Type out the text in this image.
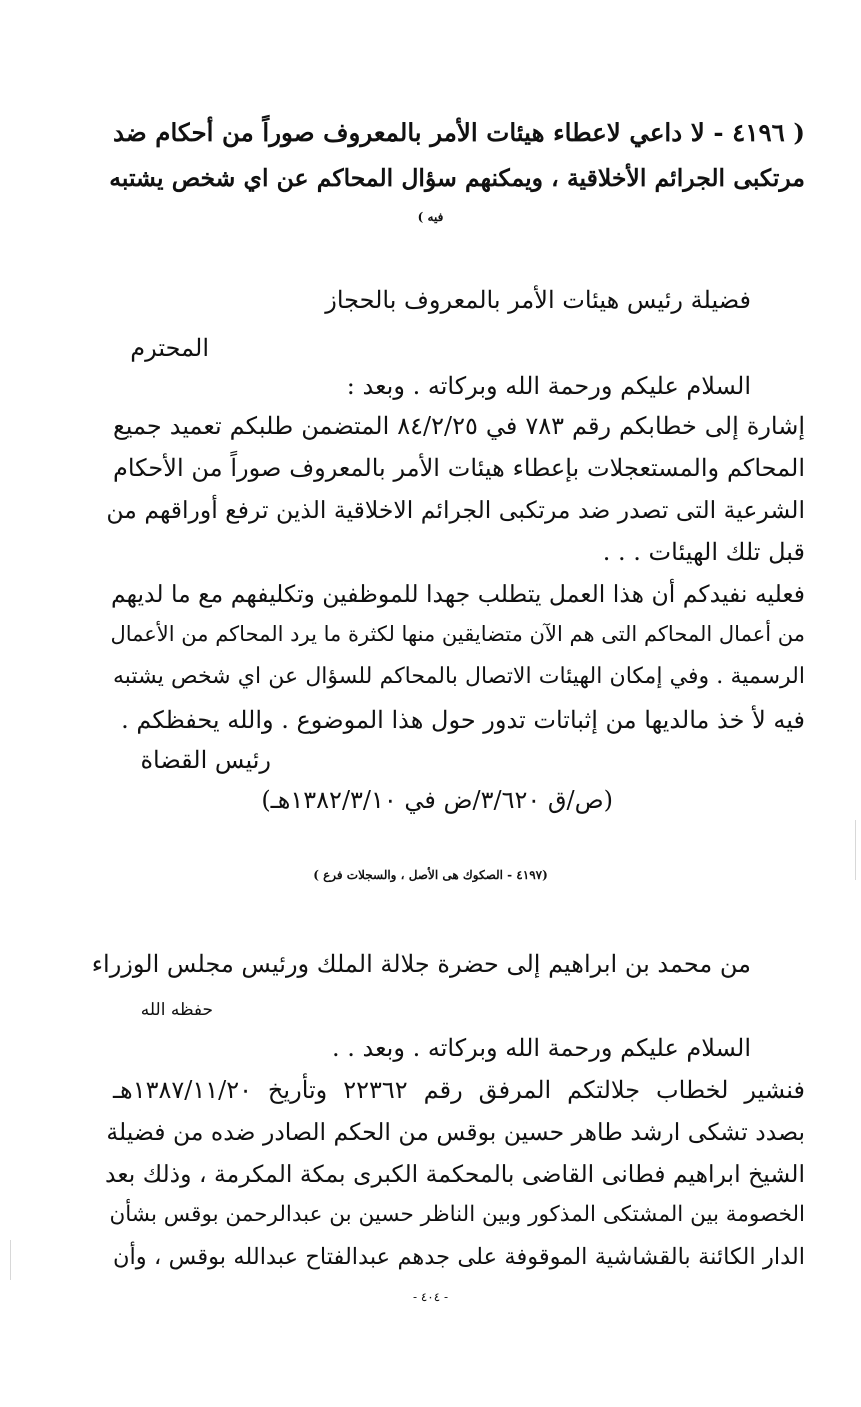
( ٤١٩٦ - لا داعي لاعطاء هيئات الأمر بالمعروف صوراً من أحكام ضد
مرتكبى الجرائم الأخلاقية ، ويمكنهم سؤال المحاكم عن اي شخص يشتبه
فيه )
فضيلة رئيس هيئات الأمر بالمعروف بالحجاز
المحترم
السلام عليكم ورحمة الله وبركاته . وبعد :
إشارة إلى خطابكم رقم ٧٨٣ في ٨٤/٢/٢٥ المتضمن طلبكم تعميد جميع
المحاكم والمستعجلات بإعطاء هيئات الأمر بالمعروف صوراً من الأحكام
الشرعية التى تصدر ضد مرتكبى الجرائم الاخلاقية الذين ترفع أوراقهم من
قبل تلك الهيئات . . .
فعليه نفيدكم أن هذا العمل يتطلب جهدا للموظفين وتكليفهم مع ما لديهم
من أعمال المحاكم التى هم الآن متضايقين منها لكثرة ما يرد المحاكم من الأعمال
الرسمية . وفي إمكان الهيئات الاتصال بالمحاكم للسؤال عن اي شخص يشتبه
فيه لأ خذ مالديها من إثباتات تدور حول هذا الموضوع . والله يحفظكم .
رئيس القضاة
(ص/ق ٣/٦٢٠/ض في ١٣٨٢/٣/١٠هـ)
(٤١٩٧ - الصكوك هى الأصل ، والسجلات فرع )
من محمد بن ابراهيم إلى حضرة جلالة الملك ورئيس مجلس الوزراء
حفظه الله
السلام عليكم ورحمة الله وبركاته . وبعد . .
فنشير لخطاب جلالتكم المرفق رقم ٢٢٣٦٢ وتأريخ ١٣٨٧/١١/٢٠هـ
بصدد تشكى ارشد طاهر حسين بوقس من الحكم الصادر ضده من فضيلة
الشيخ ابراهيم فطانى القاضى بالمحكمة الكبرى بمكة المكرمة ، وذلك بعد
الخصومة بين المشتكى المذكور وبين الناظر حسين بن عبدالرحمن بوقس بشأن
الدار الكائنة بالقشاشية الموقوفة على جدهم عبدالفتاح عبدالله بوقس ، وأن
- ٤٠٤ -
